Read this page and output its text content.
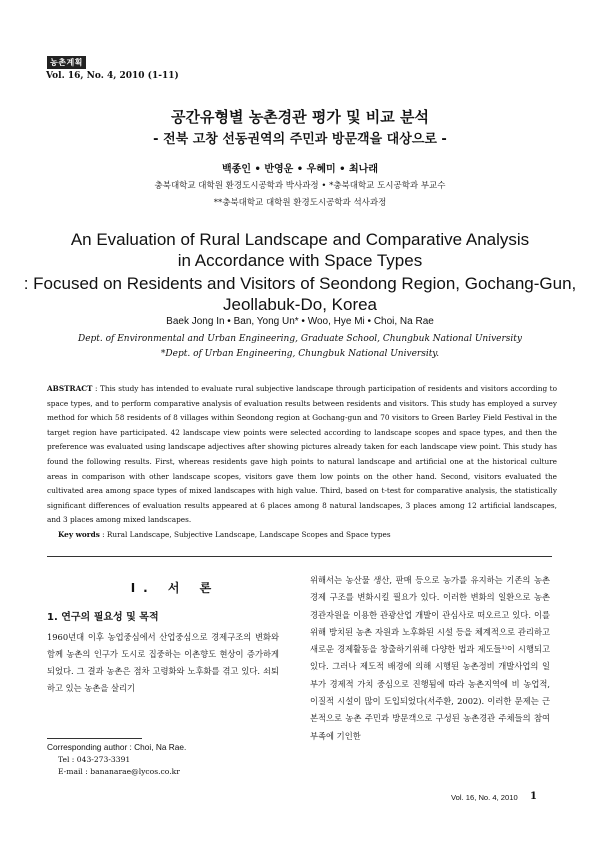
농촌계획
Vol. 16, No. 4, 2010 (1-11)
공간유형별 농촌경관 평가 및 비교 분석
- 전북 고창 선동권역의 주민과 방문객을 대상으로 -
백종인 • 반영운 • 우혜미 • 최나래
충북대학교 대학원 환경도시공학과 박사과정 • *충북대학교 도시공학과 부교수
**충북대학교 대학원 환경도시공학과 석사과정
An Evaluation of Rural Landscape and Comparative Analysis
in Accordance with Space Types
: Focused on Residents and Visitors of Seondong Region, Gochang-Gun,
Jeollabuk-Do, Korea
Baek Jong In • Ban, Yong Un* • Woo, Hye Mi • Choi, Na Rae
Dept. of Environmental and Urban Engineering, Graduate School, Chungbuk National University
*Dept. of Urban Engineering, Chungbuk National University.
ABSTRACT : This study has intended to evaluate rural subjective landscape through participation of residents and visitors according to space types, and to perform comparative analysis of evaluation results between residents and visitors. This study has employed a survey method for which 58 residents of 8 villages within Seondong region at Gochang-gun and 70 visitors to Green Barley Field Festival in the target region have participated. 42 landscape view points were selected according to landscape scopes and space types, and then the preference was evaluated using landscape adjectives after showing pictures already taken for each landscape view point. This study has found the following results. First, whereas residents gave high points to natural landscape and artificial one at the historical culture areas in comparison with other landscape scopes, visitors gave them low points on the other hand. Second, visitors evaluated the cultivated area among space types of mixed landscapes with high value. Third, based on t-test for comparative analysis, the statistically significant differences of evaluation results appeared at 6 places among 8 natural landscapes, 3 places among 12 artificial landscapes, and 3 places among mixed landscapes.
Key words : Rural Landscape, Subjective Landscape, Landscape Scopes and Space types
Ⅰ. 서 론
1. 연구의 필요성 및 목적
1960년대 이후 농업중심에서 산업중심으로 경제구조의 변화와 함께 농촌의 인구가 도시로 집중하는 이촌향도 현상이 증가하게 되었다. 그 결과 농촌은 점차 고령화와 노후화를 겪고 있다. 쇠퇴하고 있는 농촌을 살리기
위해서는 농산물 생산, 판매 등으로 농가를 유지하는 기존의 농촌경제 구조를 변화시킬 필요가 있다. 이러한 변화의 일환으로 농촌 경관자원을 이용한 관광산업 개발이 관심사로 떠오르고 있다. 이를 위해 방치된 농촌 자원과 노후화된 시설 등을 체계적으로 관리하고 새로운 경제활동을 창출하기위해 다양한 법과 제도들¹⁾이 시행되고 있다. 그러나 제도적 배경에 의해 시행된 농촌정비 개발사업의 일부가 경제적 가치 중심으로 진행됨에 따라 농촌지역에 비 농업적, 이질적 시설이 많이 도입되었다(서주환, 2002). 이러한 문제는 근본적으로 농촌 주민과 방문객으로 구성된 농촌경관 주체들의 참여 부족에 기인한
Corresponding author : Choi, Na Rae.
Tel : 043-273-3391
E-mail : bananarae@lycos.co.kr
Vol. 16, No. 4, 2010 1
